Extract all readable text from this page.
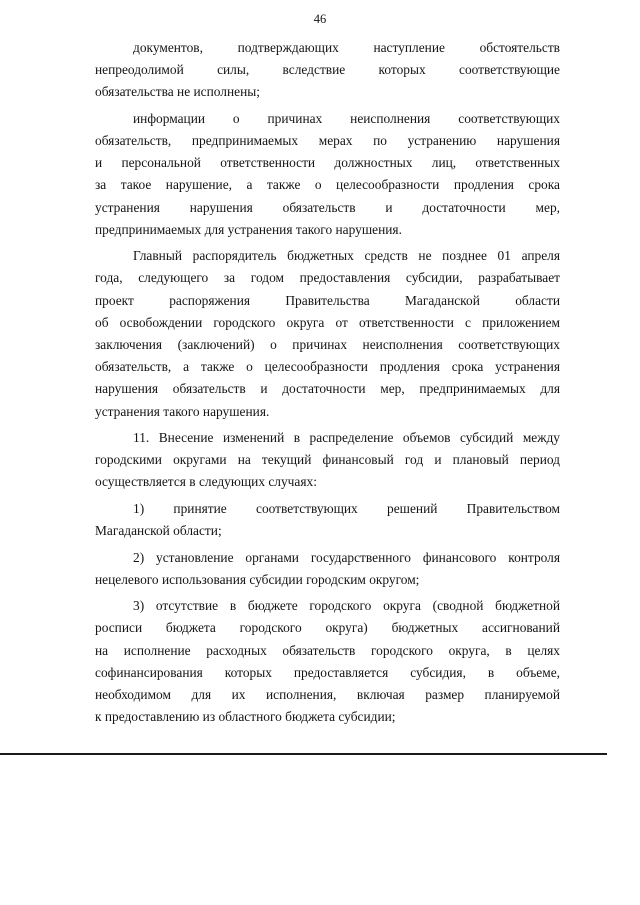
46
документов, подтверждающих наступление обстоятельств
непреодолимой силы, вследствие которых соответствующие
обязательства не исполнены;
информации о причинах неисполнения соответствующих
обязательств, предпринимаемых мерах по устранению нарушения
и персональной ответственности должностных лиц, ответственных
за такое нарушение, а также о целесообразности продления срока
устранения нарушения обязательств и достаточности мер,
предпринимаемых для устранения такого нарушения.
Главный распорядитель бюджетных средств не позднее 01 апреля
года, следующего за годом предоставления субсидии, разрабатывает
проект распоряжения Правительства Магаданской области
об освобождении городского округа от ответственности с приложением
заключения (заключений) о причинах неисполнения соответствующих
обязательств, а также о целесообразности продления срока устранения
нарушения обязательств и достаточности мер, предпринимаемых для
устранения такого нарушения.
11. Внесение изменений в распределение объемов субсидий между
городскими округами на текущий финансовый год и плановый период
осуществляется в следующих случаях:
1) принятие соответствующих решений Правительством
Магаданской области;
2) установление органами государственного финансового контроля
нецелевого использования субсидии городским округом;
3) отсутствие в бюджете городского округа (сводной бюджетной
росписи бюджета городского округа) бюджетных ассигнований
на исполнение расходных обязательств городского округа, в целях
софинансирования которых предоставляется субсидия, в объеме,
необходимом для их исполнения, включая размер планируемой
к предоставлению из областного бюджета субсидии;
